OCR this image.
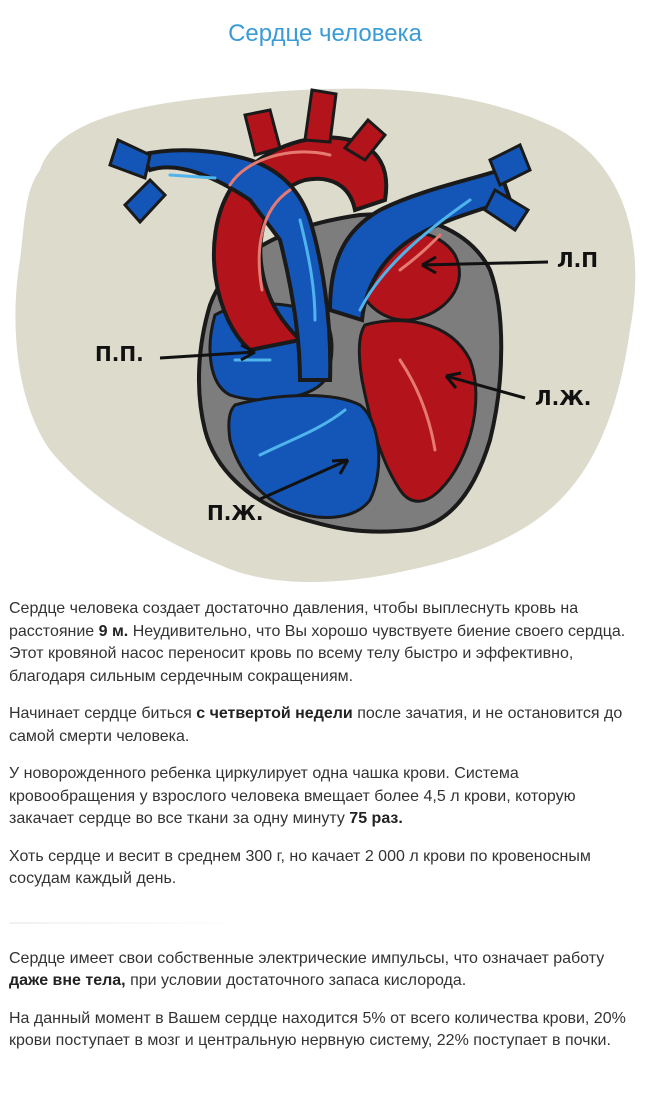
Сердце человека
Л.П
П.П.
Л.Ж.
П.Ж.

Сердце человека создает достаточно давления, чтобы выплеснуть кровь на расстояние 9 м. Неудивительно, что Вы хорошо чувствуете биение своего сердца. Этот кровяной насос переносит кровь по всему телу быстро и эффективно, благодаря сильным сердечным сокращениям.

Начинает сердце биться с четвертой недели после зачатия, и не остановится до самой смерти человека.

У новорожденного ребенка циркулирует одна чашка крови. Система кровообращения у взрослого человека вмещает более 4,5 л крови, которую закачает сердце во все ткани за одну минуту 75 раз.

Хоть сердце и весит в среднем 300 г, но качает 2 000 л крови по кровеносным сосудам каждый день.

Сердце имеет свои собственные электрические импульсы, что означает работу даже вне тела, при условии достаточного запаса кислорода.

На данный момент в Вашем сердце находится 5% от всего количества крови, 20% крови поступает в мозг и центральную нервную систему, 22% поступает в почки.
